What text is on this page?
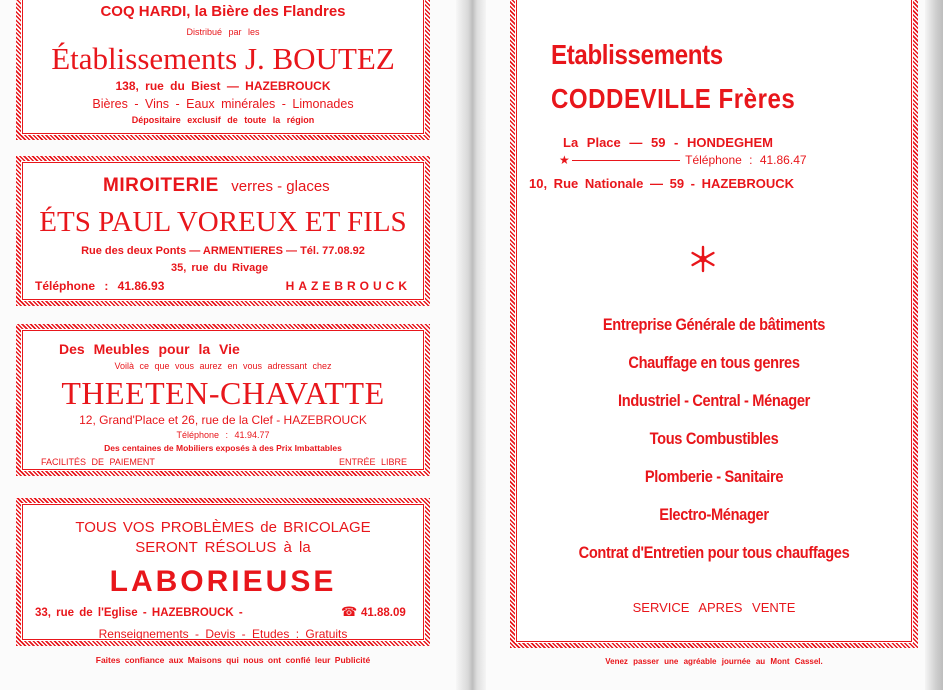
COQ HARDI, la Bière des Flandres
Distribué par les
Établissements J. BOUTEZ
138, rue du Biest — HAZEBROUCK
Bières - Vins - Eaux minérales - Limonades
Dépositaire exclusif de toute la région
MIROITERIE verres - glaces
ÉTS PAUL VOREUX ET FILS
Rue des deux Ponts — ARMENTIERES — Tél. 77.08.92
35, rue du Rivage
Téléphone : 41.86.93	HAZEBROUCK
Des Meubles pour la Vie
Voilà ce que vous aurez en vous adressant chez
THEETEN-CHAVATTE
12, Grand'Place et 26, rue de la Clef - HAZEBROUCK
Téléphone : 41.94.77
Des centaines de Mobiliers exposés à des Prix Imbattables
FACILITÉS DE PAIEMENT	ENTRÉE LIBRE
TOUS VOS PROBLÈMES de BRICOLAGE
SERONT RÉSOLUS à la
LABORIEUSE
33, rue de l'Eglise - HAZEBROUCK -	☎ 41.88.09
Renseignements - Devis - Etudes : Gratuits
Faites confiance aux Maisons qui nous ont confié leur Publicité
Etablissements
CODDEVILLE Frères
La Place — 59 - HONDEGHEM
★	Téléphone : 41.86.47
10, Rue Nationale — 59 - HAZEBROUCK
Entreprise Générale de bâtiments
Chauffage en tous genres
Industriel - Central - Ménager
Tous Combustibles
Plomberie - Sanitaire
Electro-Ménager
Contrat d'Entretien pour tous chauffages
SERVICE APRES VENTE
Venez passer une agréable journée au Mont Cassel.
